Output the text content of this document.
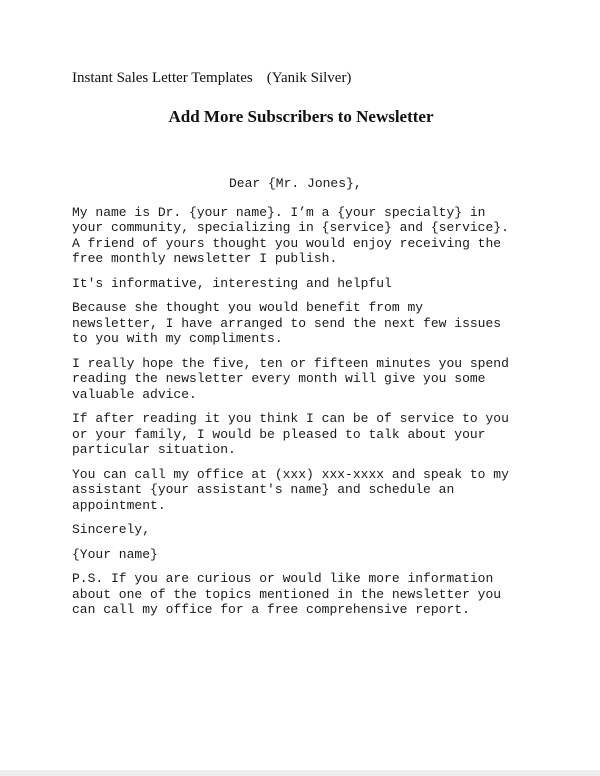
Instant Sales Letter Templates (Yanik Silver)
Add More Subscribers to Newsletter
Dear {Mr. Jones},
My name is Dr. {your name}. I’m a {your specialty} in
your community, specializing in {service} and {service}.
A friend of yours thought you would enjoy receiving the
free monthly newsletter I publish.
It's informative, interesting and helpful
Because she thought you would benefit from my
newsletter, I have arranged to send the next few issues
to you with my compliments.
I really hope the five, ten or fifteen minutes you spend
reading the newsletter every month will give you some
valuable advice.
If after reading it you think I can be of service to you
or your family, I would be pleased to talk about your
particular situation.
You can call my office at (xxx) xxx-xxxx and speak to my
assistant {your assistant's name} and schedule an
appointment.
Sincerely,
{Your name}
P.S. If you are curious or would like more information
about one of the topics mentioned in the newsletter you
can call my office for a free comprehensive report.
